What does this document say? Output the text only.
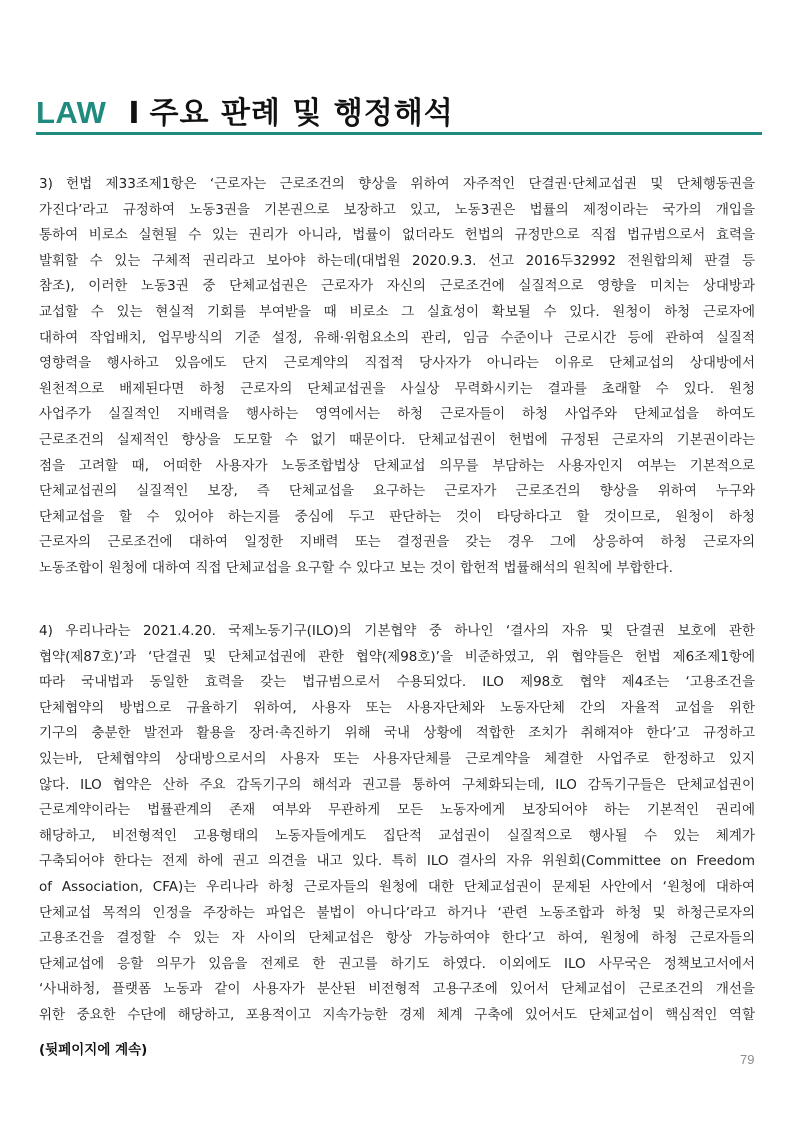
LAW I 주요 판례 및 행정해석
3) 헌법 제33조제1항은 ‘근로자는 근로조건의 향상을 위하여 자주적인 단결권·단체교섭권 및 단체행동권을
가진다’라고 규정하여 노동3권을 기본권으로 보장하고 있고, 노동3권은 법률의 제정이라는 국가의 개입을
통하여 비로소 실현될 수 있는 권리가 아니라, 법률이 없더라도 헌법의 규정만으로 직접 법규범으로서 효력을
발휘할 수 있는 구체적 권리라고 보아야 하는데(대법원 2020.9.3. 선고 2016두32992 전원합의체 판결 등
참조), 이러한 노동3권 중 단체교섭권은 근로자가 자신의 근로조건에 실질적으로 영향을 미치는 상대방과
교섭할 수 있는 현실적 기회를 부여받을 때 비로소 그 실효성이 확보될 수 있다. 원청이 하청 근로자에
대하여 작업배치, 업무방식의 기준 설정, 유해·위험요소의 관리, 임금 수준이나 근로시간 등에 관하여 실질적
영향력을 행사하고 있음에도 단지 근로계약의 직접적 당사자가 아니라는 이유로 단체교섭의 상대방에서
원천적으로 배제된다면 하청 근로자의 단체교섭권을 사실상 무력화시키는 결과를 초래할 수 있다. 원청
사업주가 실질적인 지배력을 행사하는 영역에서는 하청 근로자들이 하청 사업주와 단체교섭을 하여도
근로조건의 실제적인 향상을 도모할 수 없기 때문이다. 단체교섭권이 헌법에 규정된 근로자의 기본권이라는
점을 고려할 때, 어떠한 사용자가 노동조합법상 단체교섭 의무를 부담하는 사용자인지 여부는 기본적으로
단체교섭권의 실질적인 보장, 즉 단체교섭을 요구하는 근로자가 근로조건의 향상을 위하여 누구와
단체교섭을 할 수 있어야 하는지를 중심에 두고 판단하는 것이 타당하다고 할 것이므로, 원청이 하청
근로자의 근로조건에 대하여 일정한 지배력 또는 결정권을 갖는 경우 그에 상응하여 하청 근로자의
노동조합이 원청에 대하여 직접 단체교섭을 요구할 수 있다고 보는 것이 합헌적 법률해석의 원칙에 부합한다.
4) 우리나라는 2021.4.20. 국제노동기구(ILO)의 기본협약 중 하나인 ‘결사의 자유 및 단결권 보호에 관한
협약(제87호)’과 ‘단결권 및 단체교섭권에 관한 협약(제98호)’을 비준하였고, 위 협약들은 헌법 제6조제1항에
따라 국내법과 동일한 효력을 갖는 법규범으로서 수용되었다. ILO 제98호 협약 제4조는 ‘고용조건을
단체협약의 방법으로 규율하기 위하여, 사용자 또는 사용자단체와 노동자단체 간의 자율적 교섭을 위한
기구의 충분한 발전과 활용을 장려·촉진하기 위해 국내 상황에 적합한 조치가 취해져야 한다’고 규정하고
있는바, 단체협약의 상대방으로서의 사용자 또는 사용자단체를 근로계약을 체결한 사업주로 한정하고 있지
않다. ILO 협약은 산하 주요 감독기구의 해석과 권고를 통하여 구체화되는데, ILO 감독기구들은 단체교섭권이
근로계약이라는 법률관계의 존재 여부와 무관하게 모든 노동자에게 보장되어야 하는 기본적인 권리에
해당하고, 비전형적인 고용형태의 노동자들에게도 집단적 교섭권이 실질적으로 행사될 수 있는 체계가
구축되어야 한다는 전제 하에 권고 의견을 내고 있다. 특히 ILO 결사의 자유 위원회(Committee on Freedom
of Association, CFA)는 우리나라 하청 근로자들의 원청에 대한 단체교섭권이 문제된 사안에서 ‘원청에 대하여
단체교섭 목적의 인정을 주장하는 파업은 불법이 아니다’라고 하거나 ‘관련 노동조합과 하청 및 하청근로자의
고용조건을 결정할 수 있는 자 사이의 단체교섭은 항상 가능하여야 한다’고 하여, 원청에 하청 근로자들의
단체교섭에 응할 의무가 있음을 전제로 한 권고를 하기도 하였다. 이외에도 ILO 사무국은 정책보고서에서
‘사내하청, 플랫폼 노동과 같이 사용자가 분산된 비전형적 고용구조에 있어서 단체교섭이 근로조건의 개선을
위한 중요한 수단에 해당하고, 포용적이고 지속가능한 경제 체계 구축에 있어서도 단체교섭이 핵심적인 역할
(뒷페이지에 계속)
79
